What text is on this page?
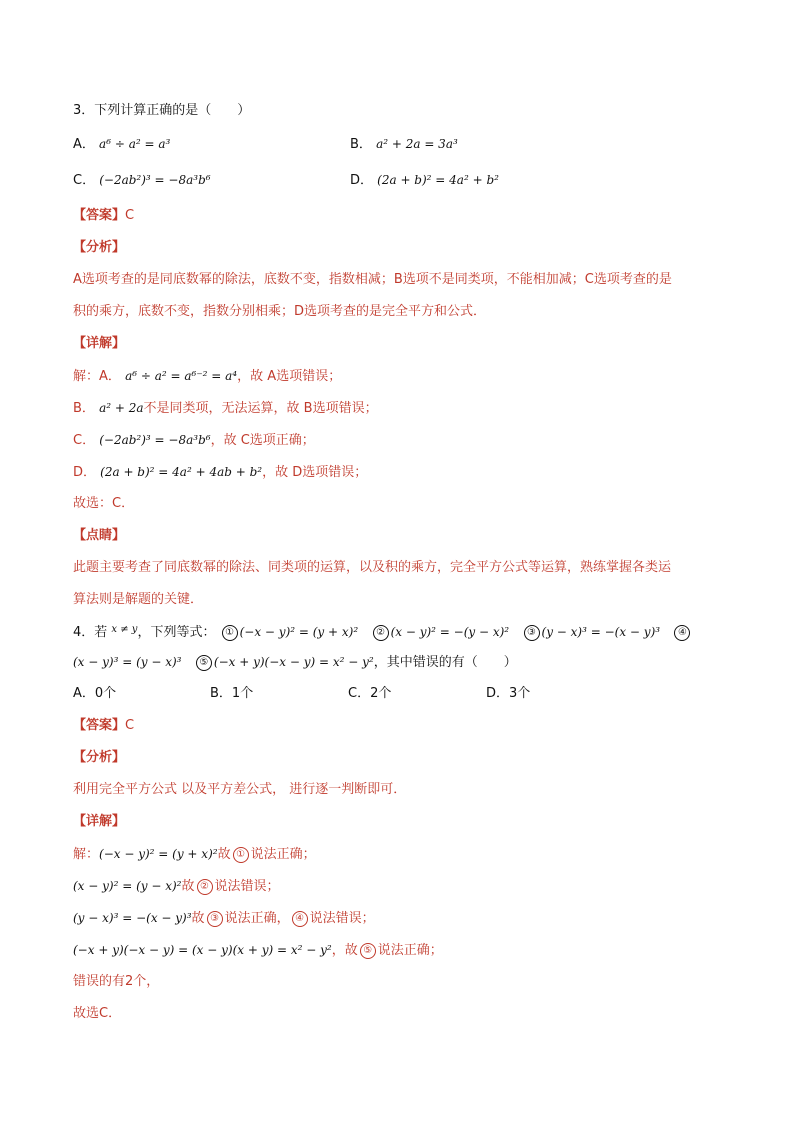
3．下列计算正确的是（　　）
A． a⁶ ÷ a² = a³	B． a² + 2a = 3a³
C． (−2ab²)³ = −8a³b⁶	D． (2a + b)² = 4a² + b²
【答案】C
【分析】
A选项考查的是同底数幂的除法，底数不变，指数相减；B选项不是同类项，不能相加减；C选项考查的是
积的乘方，底数不变，指数分别相乘；D选项考查的是完全平方和公式．
【详解】
解：A． a⁶ ÷ a² = a⁶⁻² = a⁴，故 A选项错误；
B． a² + 2a不是同类项，无法运算，故 B选项错误；
C． (−2ab²)³ = −8a³b⁶，故 C选项正确；
D． (2a + b)² = 4a² + 4ab + b²，故 D选项错误；
故选：C．
【点睛】
此题主要考查了同底数幂的除法、同类项的运算，以及积的乘方，完全平方公式等运算，熟练掌握各类运
算法则是解题的关键．
4．若 $^{x \ne y}$，下列等式： ① (−x − y)² = (y + x)² ② (x − y)² = −(y − x)² ③ (y − x)³ = −(x − y)³ ④
(x − y)³ = (y − x)³ ⑤ (−x + y)(−x − y) = x² − y²，其中错误的有（　　）
A．0个	B．1个	C．2个	D．3个
【答案】C
【分析】
利用完全平方公式 以及平方差公式， 进行逐一判断即可．
【详解】
解：(−x − y)² = (y + x)²故 ① 说法正确；
(x − y)² = (y − x)²故 ② 说法错误；
(y − x)³ = −(x − y)³故 ③ 说法正确， ④ 说法错误；
(−x + y)(−x − y) = (x − y)(x + y) = x² − y²，故 ⑤ 说法正确；
错误的有2个，
故选C．
